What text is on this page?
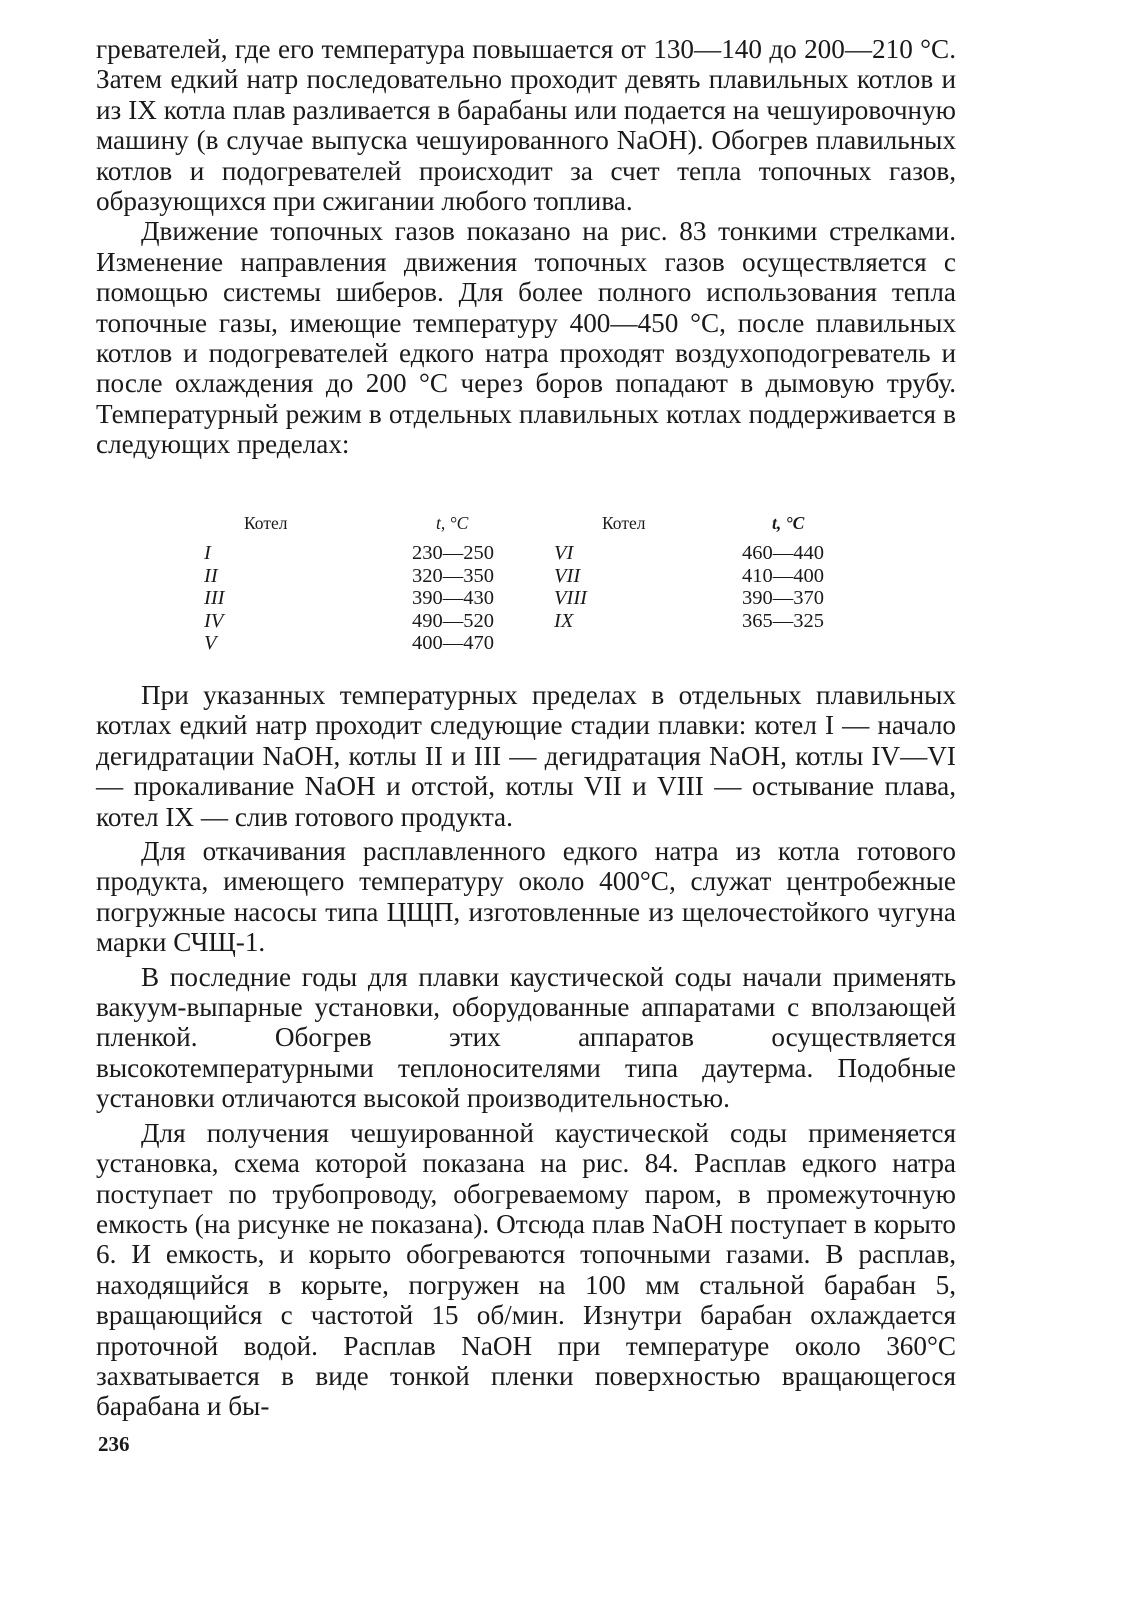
гревателей, где его температура повышается от 130—140 до 200—210 °C. Затем едкий натр последовательно проходит девять плавильных котлов и из IX котла плав разливается в барабаны или подается на чешуировочную машину (в случае выпуска чешуированного NaOH). Обогрев плавильных котлов и подогревателей происходит за счет тепла топочных газов, образующихся при сжигании любого топлива.

Движение топочных газов показано на рис. 83 тонкими стрелками. Изменение направления движения топочных газов осуществляется с помощью системы шиберов. Для более полного использования тепла топочные газы, имеющие температуру 400—450 °C, после плавильных котлов и подогревателей едкого натра проходят воздухоподогреватель и после охлаждения до 200 °C через боров попадают в дымовую трубу. Температурный режим в отдельных плавильных котлах поддерживается в следующих пределах:

Котел	t, °C	Котел	t, °C
I	230—250	VI	460—440
II	320—350	VII	410—400
III	390—430	VIII	390—370
IV	490—520	IX	365—325
V	400—470

При указанных температурных пределах в отдельных плавильных котлах едкий натр проходит следующие стадии плавки: котел I — начало дегидратации NaOH, котлы II и III — дегидратация NaOH, котлы IV—VI — прокаливание NaOH и отстой, котлы VII и VIII — остывание плава, котел IX — слив готового продукта.

Для откачивания расплавленного едкого натра из котла готового продукта, имеющего температуру около 400°C, служат центробежные погружные насосы типа ЦЩП, изготовленные из щелочестойкого чугуна марки СЧЩ-1.

В последние годы для плавки каустической соды начали применять вакуум-выпарные установки, оборудованные аппаратами с вползающей пленкой. Обогрев этих аппаратов осуществляется высокотемпературными теплоносителями типа даутерма. Подобные установки отличаются высокой производительностью.

Для получения чешуированной каустической соды применяется установка, схема которой показана на рис. 84. Расплав едкого натра поступает по трубопроводу, обогреваемому паром, в промежуточную емкость (на рисунке не показана). Отсюда плав NaOH поступает в корыто 6. И емкость, и корыто обогреваются топочными газами. В расплав, находящийся в корыте, погружен на 100 мм стальной барабан 5, вращающийся с частотой 15 об/мин. Изнутри барабан охлаждается проточной водой. Расплав NaOH при температуре около 360°C захватывается в виде тонкой пленки поверхностью вращающегося барабана и бы-

236
